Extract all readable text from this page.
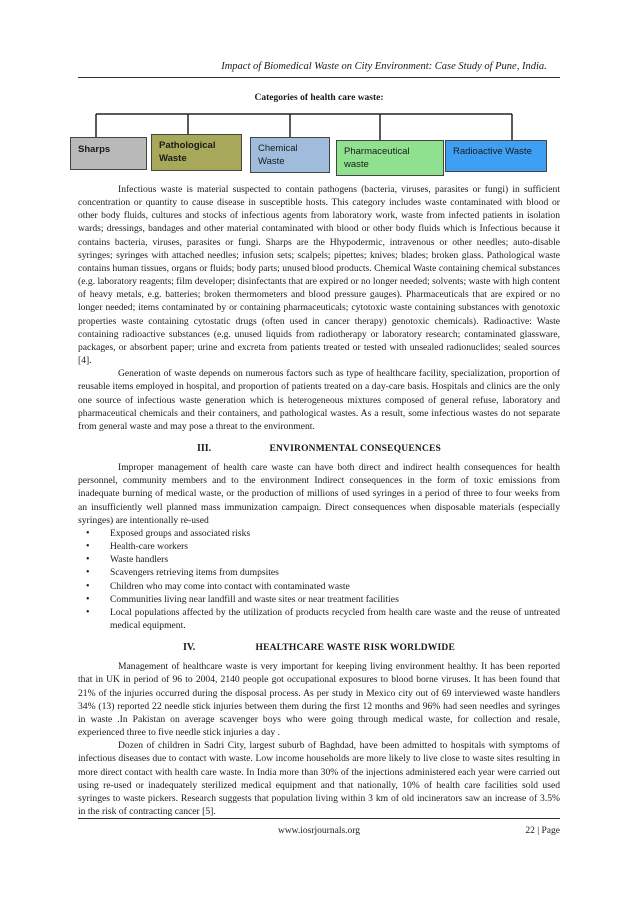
Impact of Biomedical Waste on City Environment: Case Study of Pune, India.
Categories of health care waste:
Sharps	Pathological Waste
Chemical Waste
Pharmaceutical waste
Radioactive Waste

Infectious waste is material suspected to contain pathogens (bacteria, viruses, parasites or fungi) in sufficient concentration or quantity to cause disease in susceptible hosts. This category includes waste contaminated with blood or other body fluids, cultures and stocks of infectious agents from laboratory work, waste from infected patients in isolation wards; dressings, bandages and other material contaminated with blood or other body fluids which is Infectious because it contains bacteria, viruses, parasites or fungi. Sharps are the Hhypodermic, intravenous or other needles; auto-disable syringes; syringes with attached needles; infusion sets; scalpels; pipettes; knives; blades; broken glass. Pathological waste contains human tissues, organs or fluids; body parts; unused blood products. Chemical Waste containing chemical substances (e.g. laboratory reagents; film developer; disinfectants that are expired or no longer needed; solvents; waste with high content of heavy metals, e.g. batteries; broken thermometers and blood pressure gauges). Pharmaceuticals that are expired or no longer needed; items contaminated by or containing pharmaceuticals; cytotoxic waste containing substances with genotoxic properties waste containing cytostatic drugs (often used in cancer therapy) genotoxic chemicals). Radioactive: Waste containing radioactive substances (e.g. unused liquids from radiotherapy or laboratory research; contaminated glassware, packages, or absorbent paper; urine and excreta from patients treated or tested with unsealed radionuclides; sealed sources [4].

Generation of waste depends on numerous factors such as type of healthcare facility, specialization, proportion of reusable items employed in hospital, and proportion of patients treated on a day-care basis. Hospitals and clinics are the only one source of infectious waste generation which is heterogeneous mixtures composed of general refuse, laboratory and pharmaceutical chemicals and their containers, and pathological wastes. As a result, some infectious wastes do not separate from general waste and may pose a threat to the environment.

III.	ENVIRONMENTAL CONSEQUENCES

Improper management of health care waste can have both direct and indirect health consequences for health personnel, community members and to the environment Indirect consequences in the form of toxic emissions from inadequate burning of medical waste, or the production of millions of used syringes in a period of three to four weeks from an insufficiently well planned mass immunization campaign. Direct consequences when disposable materials (especially syringes) are intentionally re-used

• Exposed groups and associated risks
• Health-care workers
• Waste handlers
• Scavengers retrieving items from dumpsites
• Children who may come into contact with contaminated waste
• Communities living near landfill and waste sites or near treatment facilities
• Local populations affected by the utilization of products recycled from health care waste and the reuse of untreated medical equipment.
IV.	HEALTHCARE WASTE RISK WORLDWIDE

Management of healthcare waste is very important for keeping living environment healthy. It has been reported that in UK in period of 96 to 2004, 2140 people got occupational exposures to blood borne viruses. It has been found that 21% of the injuries occurred during the disposal process. As per study in Mexico city out of 69 interviewed waste handlers 34% (13) reported 22 needle stick injuries between them during the first 12 months and 96% had seen needles and syringes in waste .In Pakistan on average scavenger boys who were going through medical waste, for collection and resale, experienced three to five needle stick injuries a day .

Dozen of children in Sadri City, largest suburb of Baghdad, have been admitted to hospitals with symptoms of infectious diseases due to contact with waste. Low income households are more likely to live close to waste sites resulting in more direct contact with health care waste. In India more than 30% of the injections administered each year were carried out using re-used or inadequately sterilized medical equipment and that nationally, 10% of health care facilities sold used syringes to waste pickers. Research suggests that population living within 3 km of old incinerators saw an increase of 3.5% in the risk of contracting cancer [5].

www.iosrjournals.org	22 | Page
